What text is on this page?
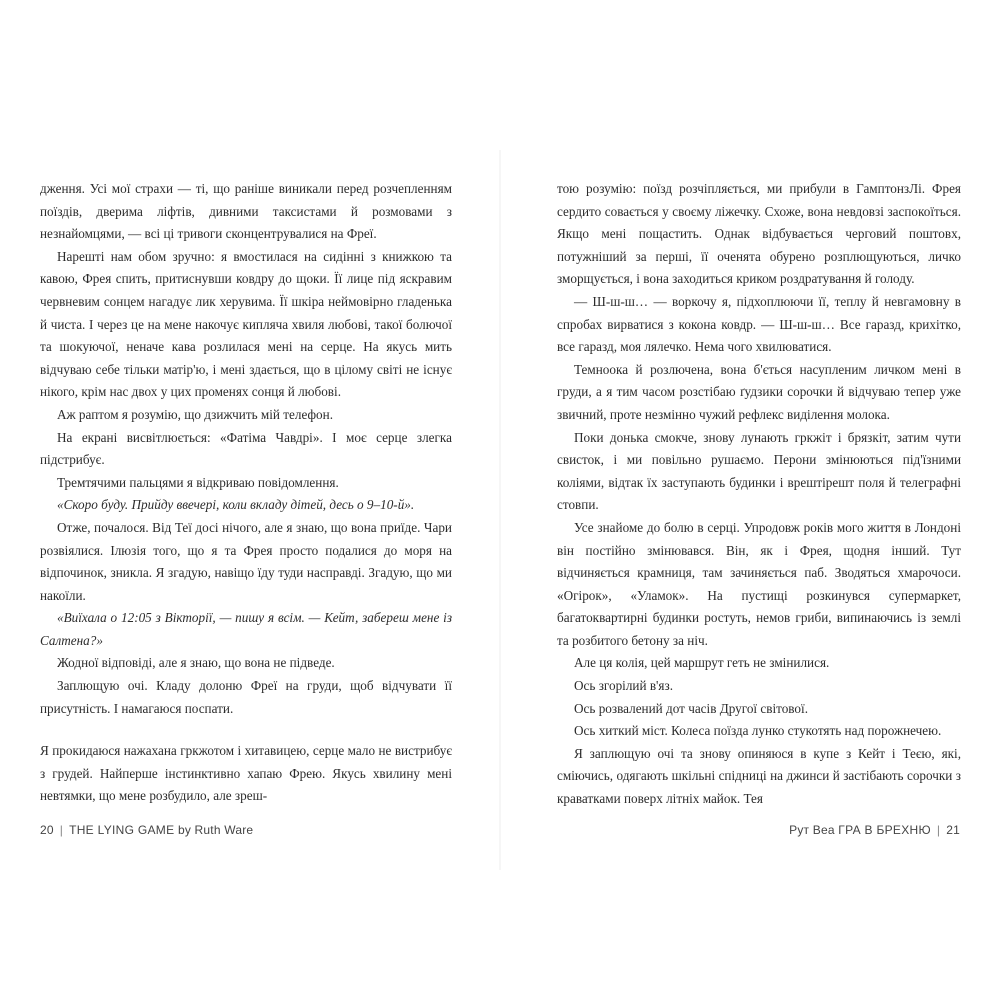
дження. Усі мої страхи — ті, що раніше виникали перед розчепленням поїздів, дверима ліфтів, дивними таксистами й розмовами з незнайомцями, — всі ці тривоги сконцентрувалися на Фреї.

Нарешті нам обом зручно: я вмостилася на сидінні з книжкою та кавою, Фрея спить, притиснувши ковдру до щоки. Її лице під яскравим червневим сонцем нагадує лик херувима. Її шкіра неймовірно гладенька й чиста. І через це на мене накочує кипляча хвиля любові, такої болючої та шокуючої, неначе кава розлилася мені на серце. На якусь мить відчуваю себе тільки матір'ю, і мені здається, що в цілому світі не існує нікого, крім нас двох у цих променях сонця й любові.

Аж раптом я розумію, що дзижчить мій телефон.

На екрані висвітлюється: «Фатіма Чавдрі». І моє серце злегка підстрибує.

Тремтячими пальцями я відкриваю повідомлення.

«Скоро буду. Прийду ввечері, коли вкладу дітей, десь о 9–10-й».

Отже, почалося. Від Теї досі нічого, але я знаю, що вона приїде. Чари розвіялися. Ілюзія того, що я та Фрея просто подалися до моря на відпочинок, зникла. Я згадую, навіщо їду туди насправді. Згадую, що ми накоїли.

«Виїхала о 12:05 з Вікторії, — пишу я всім. — Кейт, забереш мене із Салтена?»

Жодної відповіді, але я знаю, що вона не підведе.

Заплющую очі. Кладу долоню Фреї на груди, щоб відчувати її присутність. І намагаюся поспати.

Я прокидаюся нажахана гркжотом і хитавицею, серце мало не вистрибує з грудей. Найперше інстинктивно хапаю Фрею. Якусь хвилину мені невтямки, що мене розбудило, але зреш-

тою розумію: поїзд розчіпляється, ми прибули в ГамптонзЛі. Фрея сердито совається у своєму ліжечку. Схоже, вона невдовзі заспокоїться. Якщо мені пощастить. Однак відбувається черговий поштовх, потужніший за перші, її оченята обурено розплющуються, личко зморщується, і вона заходиться криком роздратування й голоду.

— Ш-ш-ш… — воркочу я, підхоплюючи її, теплу й невгамовну в спробах вирватися з кокона ковдр. — Ш-ш-ш… Все гаразд, крихітко, все гаразд, моя лялечко. Нема чого хвилюватися.

Темноока й розлючена, вона б'ється насупленим личком мені в груди, а я тим часом розстібаю ґудзики сорочки й відчуваю тепер уже звичний, проте незмінно чужий рефлекс виділення молока.

Поки донька смокче, знову лунають гркжіт і брязкіт, затим чути свисток, і ми повільно рушаємо. Перони змінюються під'їзними коліями, відтак їх заступають будинки і врештірешт поля й телеграфні стовпи.

Усе знайоме до болю в серці. Упродовж років мого життя в Лондоні він постійно змінювався. Він, як і Фрея, щодня інший. Тут відчиняється крамниця, там зачиняється паб. Зводяться хмарочоси. «Огірок», «Уламок». На пустищі розкинувся супермаркет, багатоквартирні будинки ростуть, немов гриби, випинаючись із землі та розбитого бетону за ніч.

Але ця колія, цей маршрут геть не змінилися.

Ось згорілий в'яз.

Ось розвалений дот часів Другої світової.

Ось хиткий міст. Колеса поїзда лунко стукотять над порожнечею.

Я заплющую очі та знову опиняюся в купе з Кейт і Теєю, які, сміючись, одягають шкільні спідниці на джинси й застібають сорочки з краватками поверх літніх майок. Тея

20 | THE LYING GAME by Ruth Ware	Рут Веа ГРА В БРЕХНЮ | 21
